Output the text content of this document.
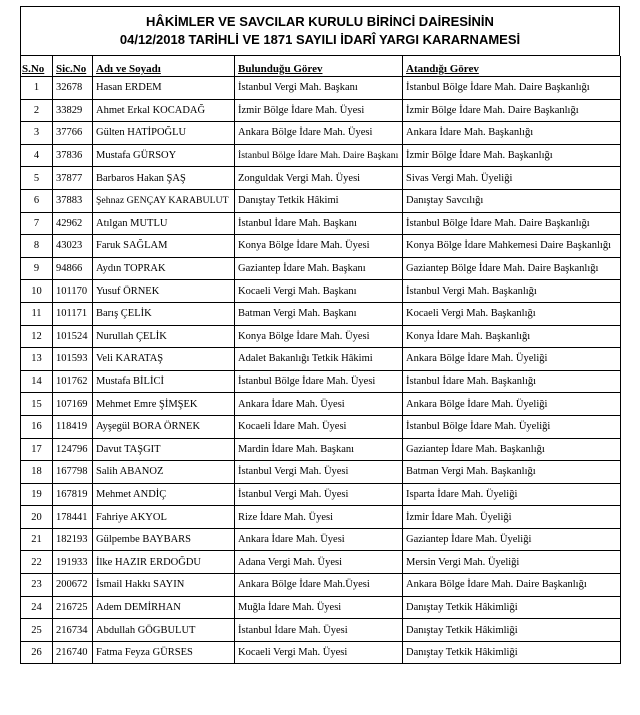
HÂKİMLER VE SAVCILAR KURULU BİRİNCİ DAİRESİNİN
04/12/2018 TARİHLİ VE 1871 SAYILI İDARÎ YARGI KARARNAMESİ
S.No	Sic.No	Adı ve Soyadı	Bulunduğu Görev	Atandığı Görev
1	32678	Hasan ERDEM	İstanbul Vergi Mah. Başkanı	İstanbul Bölge İdare Mah. Daire Başkanlığı
2	33829	Ahmet Erkal KOCADAĞ	İzmir Bölge İdare Mah. Üyesi	İzmir Bölge İdare Mah. Daire Başkanlığı
3	37766	Gülten HATİPOĞLU	Ankara Bölge İdare Mah. Üyesi	Ankara İdare Mah. Başkanlığı
4	37836	Mustafa GÜRSOY	İstanbul Bölge İdare Mah. Daire Başkanı	İzmir Bölge İdare Mah. Başkanlığı
5	37877	Barbaros Hakan ŞAŞ	Zonguldak Vergi Mah. Üyesi	Sivas Vergi Mah. Üyeliği
6	37883	Şehnaz GENÇAY KARABULUT	Danıştay Tetkik Hâkimi	Danıştay Savcılığı
7	42962	Atılgan MUTLU	İstanbul İdare Mah. Başkanı	İstanbul Bölge İdare Mah. Daire Başkanlığı
8	43023	Faruk SAĞLAM	Konya Bölge İdare Mah. Üyesi	Konya Bölge İdare Mahkemesi Daire Başkanlığı
9	94866	Aydın TOPRAK	Gaziantep İdare Mah. Başkanı	Gaziantep Bölge İdare Mah. Daire Başkanlığı
10	101170	Yusuf ÖRNEK	Kocaeli Vergi Mah. Başkanı	İstanbul Vergi Mah. Başkanlığı
11	101171	Barış ÇELİK	Batman Vergi Mah. Başkanı	Kocaeli Vergi Mah. Başkanlığı
12	101524	Nurullah ÇELİK	Konya Bölge İdare Mah. Üyesi	Konya İdare Mah. Başkanlığı
13	101593	Veli KARATAŞ	Adalet Bakanlığı Tetkik Hâkimi	Ankara Bölge İdare Mah. Üyeliği
14	101762	Mustafa BİLİCİ	İstanbul Bölge İdare Mah. Üyesi	İstanbul İdare Mah. Başkanlığı
15	107169	Mehmet Emre ŞİMŞEK	Ankara İdare Mah. Üyesi	Ankara Bölge İdare Mah. Üyeliği
16	118419	Ayşegül BORA ÖRNEK	Kocaeli İdare Mah. Üyesi	İstanbul Bölge İdare Mah. Üyeliği
17	124796	Davut TAŞGIT	Mardin İdare Mah. Başkanı	Gaziantep İdare Mah. Başkanlığı
18	167798	Salih ABANOZ	İstanbul Vergi Mah. Üyesi	Batman Vergi Mah. Başkanlığı
19	167819	Mehmet ANDİÇ	İstanbul Vergi Mah. Üyesi	Isparta İdare Mah. Üyeliği
20	178441	Fahriye AKYOL	Rize İdare Mah. Üyesi	İzmir İdare Mah. Üyeliği
21	182193	Gülpembe BAYBARS	Ankara İdare Mah. Üyesi	Gaziantep İdare Mah. Üyeliği
22	191933	İlke HAZIR ERDOĞDU	Adana Vergi Mah. Üyesi	Mersin Vergi Mah. Üyeliği
23	200672	İsmail Hakkı SAYIN	Ankara Bölge İdare Mah.Üyesi	Ankara Bölge İdare Mah. Daire Başkanlığı
24	216725	Adem DEMİRHAN	Muğla İdare Mah. Üyesi	Danıştay Tetkik Hâkimliği
25	216734	Abdullah GÖGBULUT	İstanbul İdare Mah. Üyesi	Danıştay Tetkik Hâkimliği
26	216740	Fatma Feyza GÜRSES	Kocaeli Vergi Mah. Üyesi	Danıştay Tetkik Hâkimliği
